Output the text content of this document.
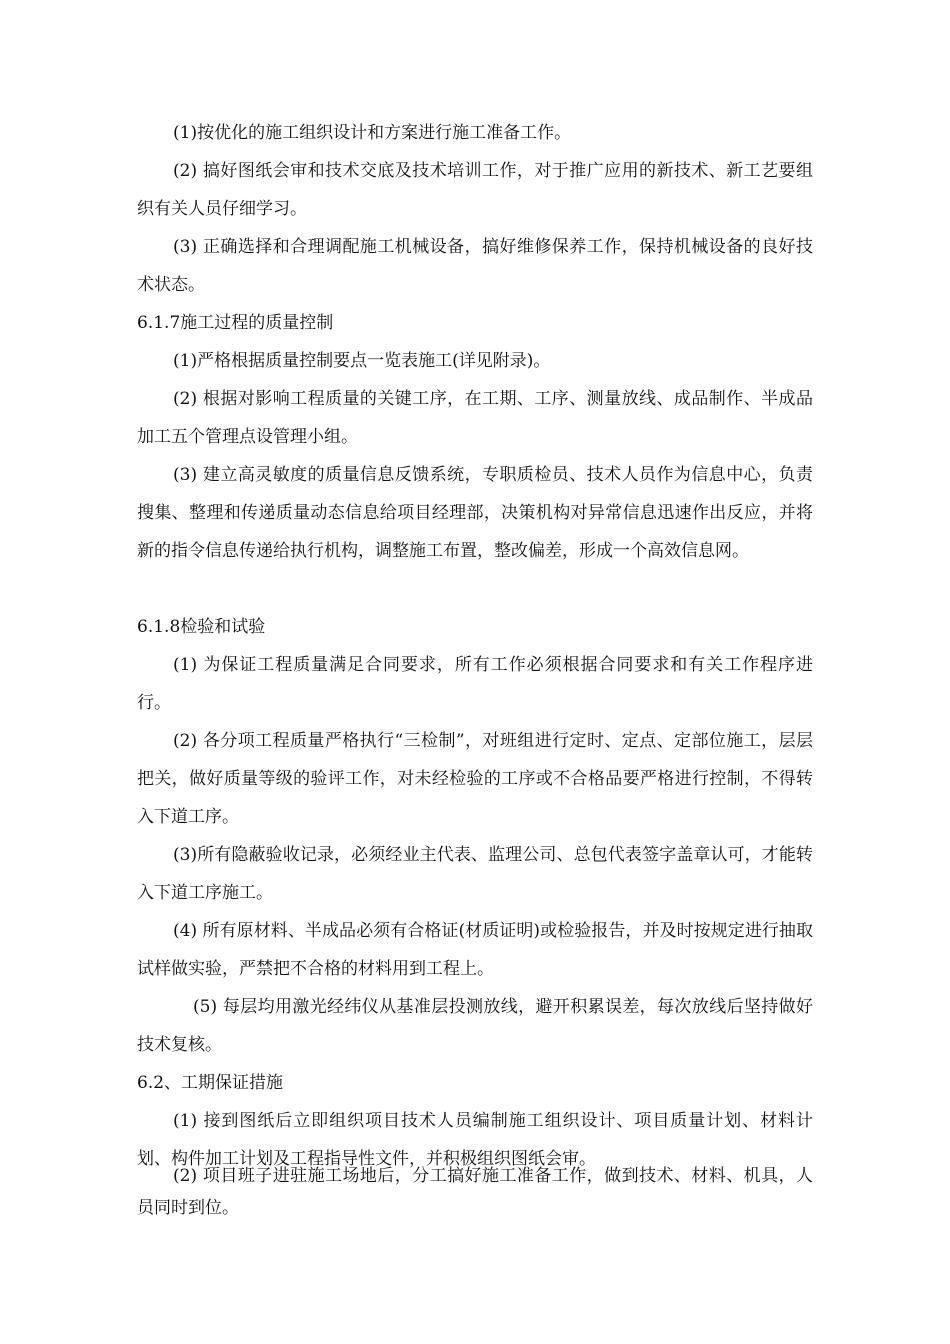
(1)按优化的施工组织设计和方案进行施工准备工作。

(2) 搞好图纸会审和技术交底及技术培训工作，对于推广应用的新技术、新工艺要组织有关人员仔细学习。

(3) 正确选择和合理调配施工机械设备，搞好维修保养工作，保持机械设备的良好技术状态。

6.1.7施工过程的质量控制

(1)严格根据质量控制要点一览表施工(详见附录)。

(2) 根据对影响工程质量的关键工序，在工期、工序、测量放线、成品制作、半成品加工五个管理点设管理小组。

(3) 建立高灵敏度的质量信息反馈系统，专职质检员、技术人员作为信息中心，负责搜集、整理和传递质量动态信息给项目经理部，决策机构对异常信息迅速作出反应，并将新的指令信息传递给执行机构，调整施工布置，整改偏差，形成一个高效信息网。

6.1.8检验和试验

(1) 为保证工程质量满足合同要求，所有工作必须根据合同要求和有关工作程序进行。

(2) 各分项工程质量严格执行“三检制”，对班组进行定时、定点、定部位施工，层层把关，做好质量等级的验评工作，对未经检验的工序或不合格品要严格进行控制，不得转入下道工序。

(3)所有隐蔽验收记录，必须经业主代表、监理公司、总包代表签字盖章认可，才能转入下道工序施工。

(4) 所有原材料、半成品必须有合格证(材质证明)或检验报告，并及时按规定进行抽取试样做实验，严禁把不合格的材料用到工程上。

(5) 每层均用激光经纬仪从基准层投测放线，避开积累误差，每次放线后坚持做好技术复核。

6.2、工期保证措施

(1) 接到图纸后立即组织项目技术人员编制施工组织设计、项目质量计划、材料计划、构件加工计划及工程指导性文件，并积极组织图纸会审。

(2) 项目班子进驻施工场地后，分工搞好施工准备工作，做到技术、材料、机具，人员同时到位。
